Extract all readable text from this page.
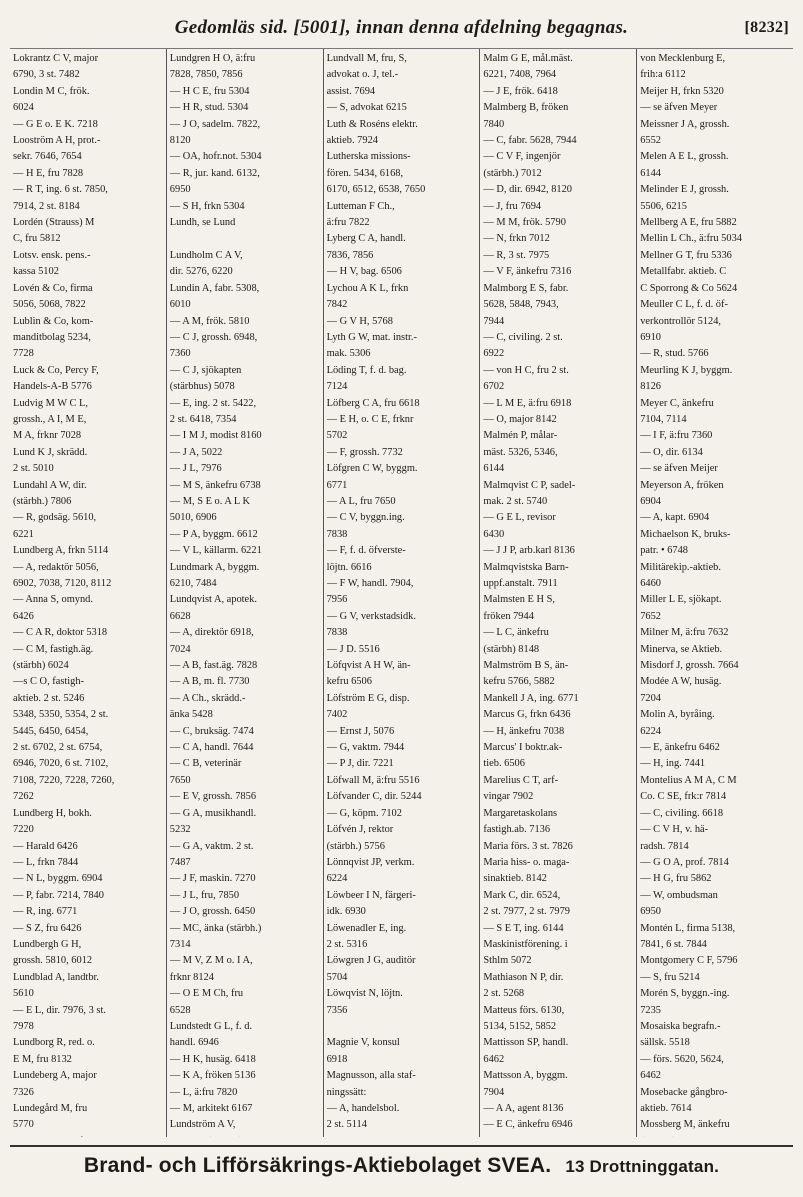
Gedomläs sid. [5001], innan denna afdelning begagnas.	[8232]
Lokrantz C V, major
6790, 3 st. 7482
Londin M C, frök.
6024
— G E o. E K. 7218
Looström A H, prot.-
sekr. 7646, 7654
— H E, fru 7828
— R T, ing. 6 st. 7850,
7914, 2 st. 8184
Lordén (Strauss) M
C, fru 5812
Lotsv. ensk. pens.-
kassa 5102
Lovén & Co, firma
5056, 5068, 7822
Lublin & Co, kom-
manditbolag 5234,
7728
Luck & Co, Percy F,
Handels-A-B 5776
Ludvig M W C L,
grossh., A I, M E,
M A, frknr 7028
Lund K J, skrädd.
2 st. 5010
Lundahl A W, dir.
(stärbh.) 7806
— R, godsäg. 5610,
6221
Lundberg A, frkn 5114
— A, redaktör 5056,
6902, 7038, 7120, 8112
— Anna S, omynd.
6426
— C A R, doktor 5318
— C M, fastigh.äg.
(stärbh) 6024
—s C O, fastigh-
aktieb. 2 st. 5246
5348, 5350, 5354, 2 st.
5445, 6450, 6454,
2 st. 6702, 2 st. 6754,
6946, 7020, 6 st. 7102,
7108, 7220, 7228, 7260,
7262
Lundberg H, bokh.
7220
— Harald 6426
— L, frkn 7844
— N L, byggm. 6904
— P, fabr. 7214, 7840
— R, ing. 6771
— S Z, fru 6426
Lundbergh G H,
grossh. 5810, 6012
Lundblad A, landtbr.
5610
— E L, dir. 7976, 3 st.
7978
Lundborg R, red. o.
E M, fru 8132
Lundeberg A, major
7326
Lundegård M, fru
5770
Lundgren H O, ä:fru
7828, 7850, 7856
— H C E, fru 5304
— H R, stud. 5304
— J O, sadelm. 7822,
8120
— OA, hofr.not. 5304
— R, jur. kand. 6132,
6950
— S H, frkn 5304
Lundh, se Lund

Lundholm C A V,
dir. 5276, 6220
Lundin A, fabr. 5308,
6010
— A M, frök. 5810
— C J, grossh. 6948,
7360
— C J, sjökapten
(stärbhus) 5078
— E, ing. 2 st. 5422,
2 st. 6418, 7354
— I M J, modist 8160
— J A, 5022
— J L, 7976
— M S, änkefru 6738
— M, S E o. A L K
5010, 6906
— P A, byggm. 6612
— V L, källarm. 6221
Lundmark A, byggm.
6210, 7484
Lundqvist A, apotek.
6628
— A, direktör 6918,
7024
— A B, fast.äg. 7828
— A B, m. fl. 7730
— A Ch., skrädd.-
änka 5428
— C, bruksäg. 7474
— C A, handl. 7644
— C B, veterinär
7650
— E V, grossh. 7856
— G A, musikhandl.
5232
— G A, vaktm. 2 st.
7487
— J F, maskin. 7270
— J L, fru, 7850
— J O, grossh. 6450
— MC, änka (stärbh.)
7314
— M V, Z M o. I A,
frknr 8124
— O E M Ch, fru
6528
Lundstedt G L, f. d.
handl. 6946
— H K, husäg. 6418
— K A, fröken 5136
— L, ä:fru 7820
— M, arkitekt 6167
Lundström A V,
Lundvall M, fru, S,
advokat o. J, tel.-
assist. 7694
— S, advokat 6215
Luth & Roséns elektr.
aktieb. 7924
Lutherska missions-
fören. 5434, 6168,
6170, 6512, 6538, 7650
Lutteman F Ch.,
ä:fru 7822
Lyberg C A, handl.
7836, 7856
— H V, bag. 6506
Lychou A K L, frkn
7842
— G V H, 5768
Lyth G W, mat. instr.-
mak. 5306
Löding T, f. d. bag.
7124
Löfberg C A, fru 6618
— E H, o. C E, frknr
5702
— F, grossh. 7732
Löfgren C W, byggm.
6771
— A L, fru 7650
— C V, byggn.ing.
7838
— F, f. d. öfverste-
löjtn. 6616
— F W, handl. 7904,
7956
— G V, verkstadsidk.
7838
— J D. 5516
Löfqvist A H W, än-
kefru 6506
Löfström E G, disp.
7402
— Ernst J, 5076
— G, vaktm. 7944
— P J, dir. 7221
Löfwall M, ä:fru 5516
Löfvander C, dir. 5244
— G, köpm. 7102
Löfvén J, rektor
(stärbh.) 5756
Lönnqvist JP, verkm.
6224
Löwbeer I N, färgeri-
idk. 6930
Löwenadler E, ing.
2 st. 5316
Löwgren J G, auditör
5704
Löwqvist N, löjtn.
7356

Magnie V, konsul
6918
Magnusson, alla staf-
ningssätt:
— A, handelsbol.
2 st. 5114
Malm G E, mål.mäst.
6221, 7408, 7964
— J E, frök. 6418
Malmberg B, fröken
7840
— C, fabr. 5628, 7944
— C V F, ingenjör
(stärbh.) 7012
— D, dir. 6942, 8120
— J, fru 7694
— M M, frök. 5790
— N, frkn 7012
— R, 3 st. 7975
— V F, änkefru 7316
Malmborg E S, fabr.
5628, 5848, 7943,
7944
— C, civiling. 2 st.
6922
— von H C, fru 2 st.
6702
— L M E, ä:fru 6918
— O, major 8142
Malmén P, målar-
mäst. 5326, 5346,
6144
Malmqvist C P, sadel-
mak. 2 st. 5740
— G E L, revisor
6430
— J J P, arb.karl 8136
Malmqvistska Barn-
uppf.anstalt. 7911
Malmsten E H S,
fröken 7944
— L C, änkefru
(stärbh) 8148
Malmström B S, än-
kefru 5766, 5882
Mankell J A, ing. 6771
Marcus G, frkn 6436
— H, änkefru 7038
Marcus' I boktr.ak-
tieb. 6506
Marelius C T, arf-
vingar 7902
Margaretaskolans
fastigh.ab. 7136
Maria förs. 3 st. 7826
Maria hiss- o. maga-
sinaktieb. 8142
Mark C, dir. 6524,
2 st. 7977, 2 st. 7979
— S E T, ing. 6144
Maskinistförening. i
Sthlm 5072
Mathiason N P, dir.
2 st. 5268
Matteus förs. 6130,
5134, 5152, 5852
Mattisson SP, handl.
6462
Mattsson A, byggm.
7904
— A A, agent 8136
— E C, änkefru 6946
von Mecklenburg E,
frih:a 6112
Meijer H, frkn 5320
— se äfven Meyer
Meissner J A, grossh.
6552
Melen A E L, grossh.
6144
Melinder E J, grossh.
5506, 6215
Mellberg A E, fru 5882
Mellin L Ch., ä:fru 5034
Mellner G T, fru 5336
Metallfabr. aktieb. C
C Sporrong & Co 5624
Meuller C L, f. d. öf-
verkontrollör 5124,
6910
— R, stud. 5766
Meurling K J, byggm.
8126
Meyer C, änkefru
7104, 7114
— I F, ä:fru 7360
— O, dir. 6134
— se äfven Meijer
Meyerson A, fröken
6904
— A, kapt. 6904
Michaelson K, bruks-
patr. • 6748
Militärekip.-aktieb.
6460
Miller L E, sjökapt.
7652
Milner M, ä:fru 7632
Minerva, se Aktieb.
Misdorf J, grossh. 7664
Modée A W, husäg.
7204
Molin A, byråing.
6224
— E, änkefru 6462
— H, ing. 7441
Montelius A M A, C M
Co. C SE, frk:r 7814
— C, civiling. 6618
— C V H, v. hä-
radsh. 7814
— G O A, prof. 7814
— H G, fru 5862
— W, ombudsman
6950
Montén L, firma 5138,
7841, 6 st. 7844
Montgomery C F, 5796
— S, fru 5214
Morén S, byggn.-ing.
7235
Mosaiska begrafn.-
sällsk. 5518
— förs. 5620, 5624,
6462
Mosebacke gångbro-
aktieb. 7614
Mossberg M, änkefru
Brand- och Lifförsäkrings-Aktiebolaget SVEA. 13 Drottninggatan.
